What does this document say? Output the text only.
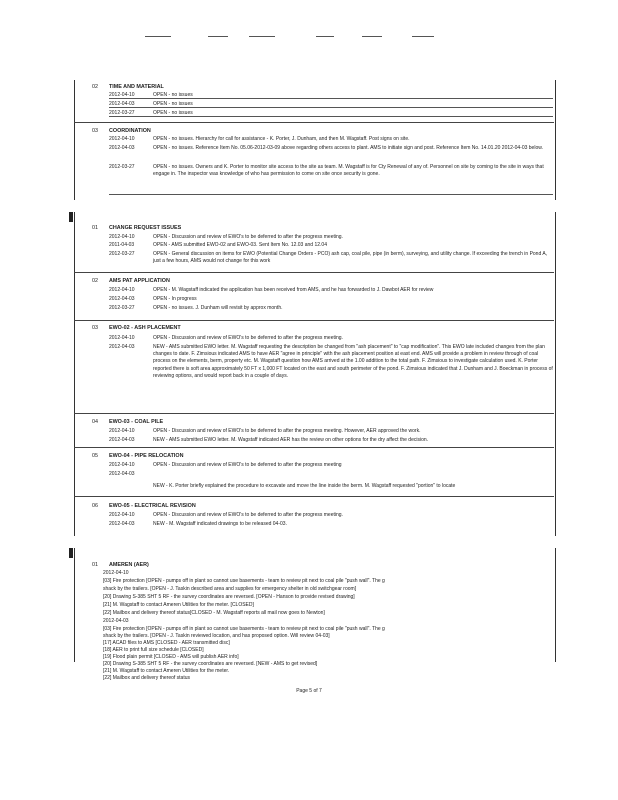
02 TIME AND MATERIAL
2012-04-10	OPEN - no issues
2012-04-03	OPEN - no issues
2012-03-27	OPEN - no issues
03 COORDINATION
2012-04-10	OPEN - no issues. Hierarchy for call for assistance - K. Porter, J. Dunham, and then M. Wagstaff. Post signs on site.
2012-04-03	OPEN - no issues. Reference Item No. 05.06-2012-03-09 above regarding others access to plant. AMS to initiate sign and post. Reference Item No. 14.01.20 2012-04-03 below.
2012-03-27	OPEN - no issues. Owners and K. Porter to monitor site access to the site as team. M. Wagstaff is for Cty Renewal of any of. Personnel on site by coming to the site in ways that engage in. The inspector was knowledge of who has permission to come on site once security is gone.
01 CHANGE REQUEST ISSUES
2012-04-10	OPEN - Discussion and review of EWO's to be deferred to after the progress meeting.
2011-04-03	OPEN - AMS submitted EWO-02 and EWO-03. Sent Item No. 12.03 and 12.04
2012-03-27	OPEN - General discussion on items for EWO (Potential Change Orders - PCO) ash cap, coal pile, pipe (in berm), surveying, and utility change. If exceeding the trench in Pond A, just a few hours, AMS would not change for this work
02 AMS PAT APPLICATION
2012-04-10	OPEN - M. Wagstaff indicated the application has been received from AMS, and he has forwarded to J. Dawbot AER for review
2012-04-03	OPEN - In progress
2012-03-27	OPEN - no issues. J. Dunham will revisit by approx month.
03 EWO-02 - ASH PLACEMENT
2012-04-10	OPEN - Discussion and review of EWO's to be deferred to after the progress meeting.
2012-04-03	NEW - AMS submitted EWO letter. M. Wagstaff requesting the description be changed from "ash placement" to "cap modification". This EWO late included changes from the plan changes to date. F. Zimsious indicated AMS to have AER "agree in principle" with the ash placement position at east end. AMS will provide a problem in review through of coal process on the elements, berm, property etc. M. Wagstaff question how AMS arrived at the 1.00 addition to the total path. F. Zimsious to investigate calculation used. K. Porter reported there is soft area approximately 50 FT x 1,000 FT located on the east and south perimeter of the pond. F. Zimsious indicated that J. Dunham and J. Boeckman in process of reviewing options, and would report back in a couple of days.
04 EWO-03 - COAL PILE
2012-04-10	OPEN - Discussion and review of EWO's to be deferred to after the progress meeting. However, AER approved the work.
2012-04-03	NEW - AMS submitted EWO letter. M. Wagstaff indicated AER has the review on other options for the dry affect the decision.
05 EWO-04 - PIPE RELOCATION
2012-04-10	OPEN - Discussion and review of EWO's to be deferred to after the progress meeting
2012-04-03
NEW - K. Porter briefly explained the procedure to excavate and move the line inside the berm. M. Wagstaff requested "portion" to locate
06 EWO-05 - ELECTRICAL REVISION
2012-04-10	OPEN - Discussion and review of EWO's to be deferred to after the progress meeting.
2012-04-03	NEW - M. Wagstaff indicated drawings to be released 04-03.
01 AMEREN (AER)
2012-04-10
[03] Fire protection [OPEN - pumps off in plant so cannot use basements - team to review pit next to coal pile "push wall". The g
shack by the trailers. [OPEN - J. Taskin described area and supplies for emergency shelter in old switchgear room]
[20] Drawing S-385 SHT 5 RF - the survey coordinates are reversed. [OPEN - Hanson to provide revised drawing]
[21] M. Wagstaff to contact Ameren Utilities for the meter. [CLOSED]
[22] Mailbox and delivery thereof status[CLOSED - M. Wagstaff reports all mail now goes to Newton]
2012-04-03
[03] Fire protection [OPEN - pumps off in plant so cannot use basements - team to review pit next to coal pile "push wall". The g
shack by the trailers. [OPEN - J. Taskin reviewed location, and has proposed option. Will review 04-03]
[17] ACAD files to AMS [CLOSED - AER transmitted disc]
[18] AER to print full size schedule [CLOSED]
[19] Flood plain permit [CLOSED - AMS will publish AER info]
[20] Drawing S-385 SHT 5 RF - the survey coordinates are reversed. [NEW - AMS to get revised]
[21] M. Wagstaff to contact Ameren Utilities for the meter.
[22] Mailbox and delivery thereof status
Page 5 of 7
